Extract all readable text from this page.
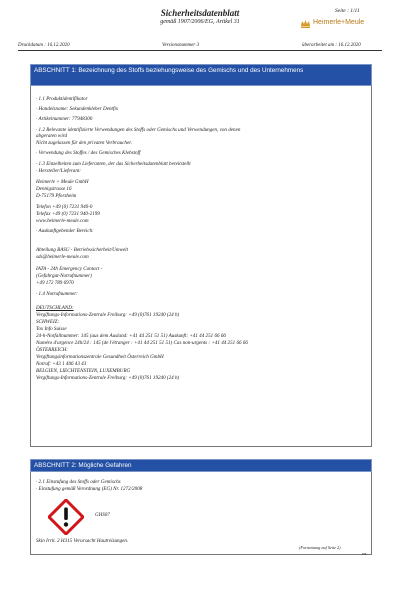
Seite : 1/11
Sicherheitsdatenblatt
gemäß 1907/2006/EG, Artikel 31	Heimerle+Meule
Druckdatum : 16.12.2020	Versionsnummer 3	überarbeitet am : 16.12.2020
ABSCHNITT 1: Bezeichnung des Stoffs beziehungsweise des Gemischs und des Unternehmens
· 1.1 Produktidentifikator
· Handelsname: Sekundenkleber Dentfix
· Artikelnummer: 77948300
· 1.2 Relevante identifizierte Verwendungen des Stoffs oder Gemischs und Verwendungen, von denen
abgeraten wird
Nicht zugelassen für den privaten Verbraucher.
· Verwendung des Stoffes / des Gemisches Klebstoff
· 1.3 Einzelheiten zum Lieferanten, der das Sicherheitsdatenblatt bereitstellt
· Hersteller/Lieferant:
Heimerle + Meule GmbH
Dennigstrasse 16
D-75179 Pforzheim
Telefon +49 (0) 7231 940-0
Telefax +49 (0) 7231 940-2199
www.heimerle-meule.com
· Auskunftgebender Bereich:
Abteilung BASU - Betriebssicherheit/Umwelt
sds@heimerle-meule.com
IATA - 24h Emergency Contact -
(Gefahrgut-Notrufnummer)
+49 172 789 6970
· 1.4 Notrufnummer:
DEUTSCHLAND:
Vergiftungs-Informations-Zentrale Freiburg: +49 (0)761 19240 (24 h)
SCHWEIZ:
Tox Info Suisse
24-h-Notfallnummer: 145 (aus dem Ausland: +41 44 251 51 51) Auskunft: +41 44 251 66 66
Numéro d'urgence 24h/24 : 145 (de l'étranger : +41 44 251 51 51) Cas non-urgents : +41 44 251 66 66
ÖSTERREICH:
Vergiftungsinformationszentrale Gesundheit Österreich GmbH
Notruf: +43 1 406 43 43
BELGIEN, LIECHTENSTEIN, LUXEMBURG
Vergiftungs-Informations-Zentrale Freiburg: +49 (0)761 19240 (24 h)
ABSCHNITT 2: Mögliche Gefahren
· 2.1 Einstufung des Stoffs oder Gemischs
· Einstufung gemäß Verordnung (EG) Nr. 1272/2008
GHS07
Skin Irrit. 2 H315 Verursacht Hautreizungen.
(Fortsetzung auf Seite 2)
DE
